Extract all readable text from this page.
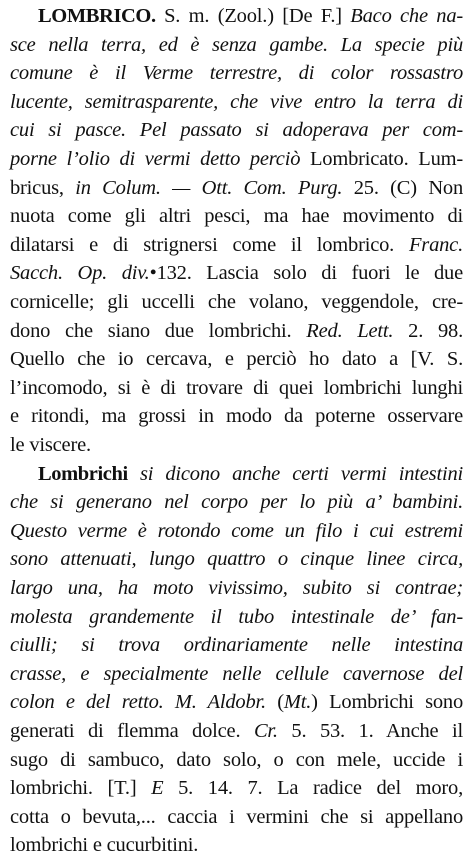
LOMBRICO. S. m. (Zool.) [De F.] Baco che na-
sce nella terra, ed è senza gambe. La specie più
comune è il Verme terrestre, di color rossastro
lucente, semitrasparente, che vive entro la terra di
cui si pasce. Pel passato si adoperava per com-
porne l’olio di vermi detto perciò Lombricato. Lum-
bricus, in Colum. — Ott. Com. Purg. 25. (C) Non
nuota come gli altri pesci, ma hae movimento di
dilatarsi e di strignersi come il lombrico. Franc.
Sacch. Op. div.•132. Lascia solo di fuori le due
cornicelle; gli uccelli che volano, veggendole, cre-
dono che siano due lombrichi. Red. Lett. 2. 98.
Quello che io cercava, e perciò ho dato a [V. S.
l’incomodo, si è di trovare di quei lombrichi lunghi
e ritondi, ma grossi in modo da poterne osservare
le viscere.
Lombrichi si dicono anche certi vermi intestini
che si generano nel corpo per lo più a’ bambini.
Questo verme è rotondo come un filo i cui estremi
sono attenuati, lungo quattro o cinque linee circa,
largo una, ha moto vivissimo, subito si contrae;
molesta grandemente il tubo intestinale de’ fan-
ciulli; si trova ordinariamente nelle intestina
crasse, e specialmente nelle cellule cavernose del
colon e del retto. M. Aldobr. (Mt.) Lombrichi sono
generati di flemma dolce. Cr. 5. 53. 1. Anche il
sugo di sambuco, dato solo, o con mele, uccide i
lombrichi. [T.] E 5. 14. 7. La radice del moro,
cotta o bevuta,... caccia i vermini che si appellano
lombrichi e cucurbitini.
